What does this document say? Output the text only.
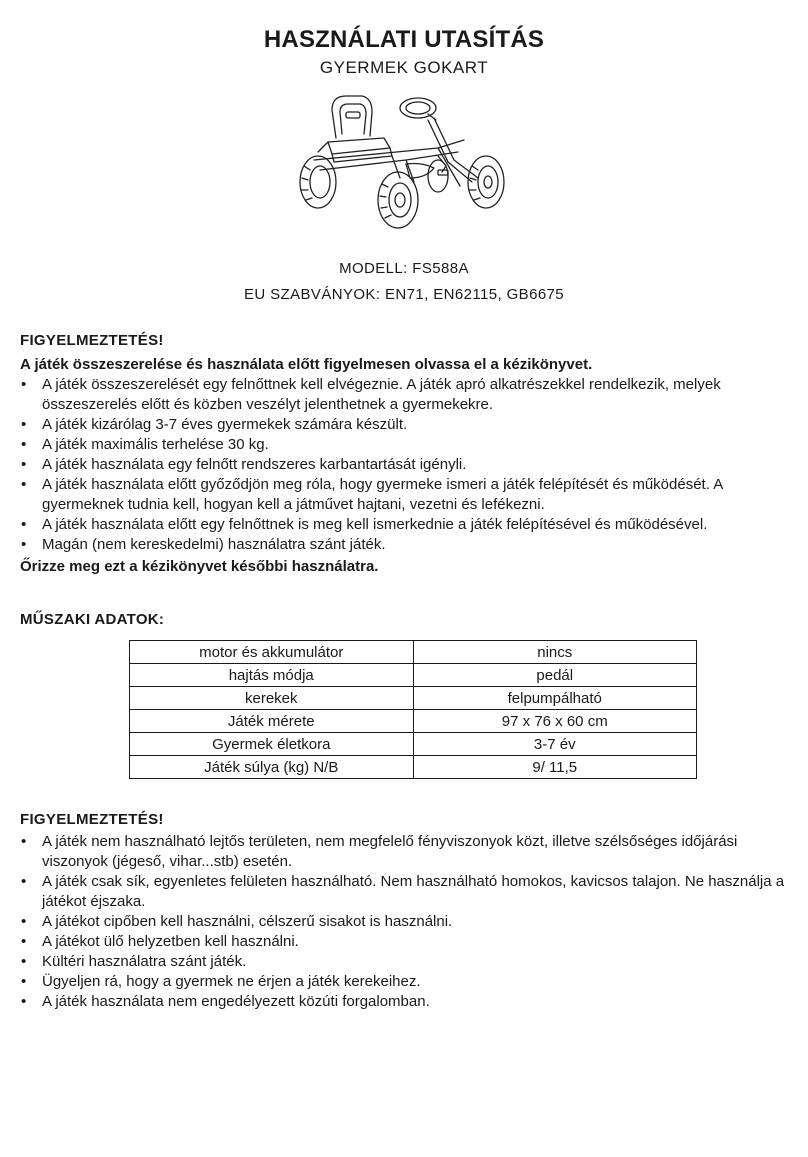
HASZNÁLATI UTASÍTÁS
GYERMEK GOKART
MODELL: FS588A
EU SZABVÁNYOK: EN71, EN62115, GB6675
FIGYELMEZTETÉS!
A játék összeszerelése és használata előtt figyelmesen olvassa el a kézikönyvet.
• A játék összeszerelését egy felnőttnek kell elvégeznie. A játék apró alkatrészekkel rendelkezik, melyek összeszerelés előtt és közben veszélyt jelenthetnek a gyermekekre.
• A játék kizárólag 3-7 éves gyermekek számára készült.
• A játék maximális terhelése 30 kg.
• A játék használata egy felnőtt rendszeres karbantartását igényli.
• A játék használata előtt győződjön meg róla, hogy gyermeke ismeri a játék felépítését és működését. A gyermeknek tudnia kell, hogyan kell a játművet hajtani, vezetni és lefékezni.
• A játék használata előtt egy felnőttnek is meg kell ismerkednie a játék felépítésével és működésével.
• Magán (nem kereskedelmi) használatra szánt játék.
Őrizze meg ezt a kézikönyvet későbbi használatra.
MŰSZAKI ADATOK:
motor és akkumulátor	nincs
hajtás módja	pedál
kerekek	felpumpálható
Játék mérete	97 x 76 x 60 cm
Gyermek életkora	3-7 év
Játék súlya (kg) N/B	9/ 11,5
FIGYELMEZTETÉS!
• A játék nem használható lejtős területen, nem megfelelő fényviszonyok közt, illetve szélsőséges időjárási viszonyok (jégeső, vihar...stb) esetén.
• A játék csak sík, egyenletes felületen használható. Nem használható homokos, kavicsos talajon. Ne használja a játékot éjszaka.
• A játékot cipőben kell használni, célszerű sisakot is használni.
• A játékot ülő helyzetben kell használni.
• Kültéri használatra szánt játék.
• Ügyeljen rá, hogy a gyermek ne érjen a játék kerekeihez.
• A játék használata nem engedélyezett közúti forgalomban.
